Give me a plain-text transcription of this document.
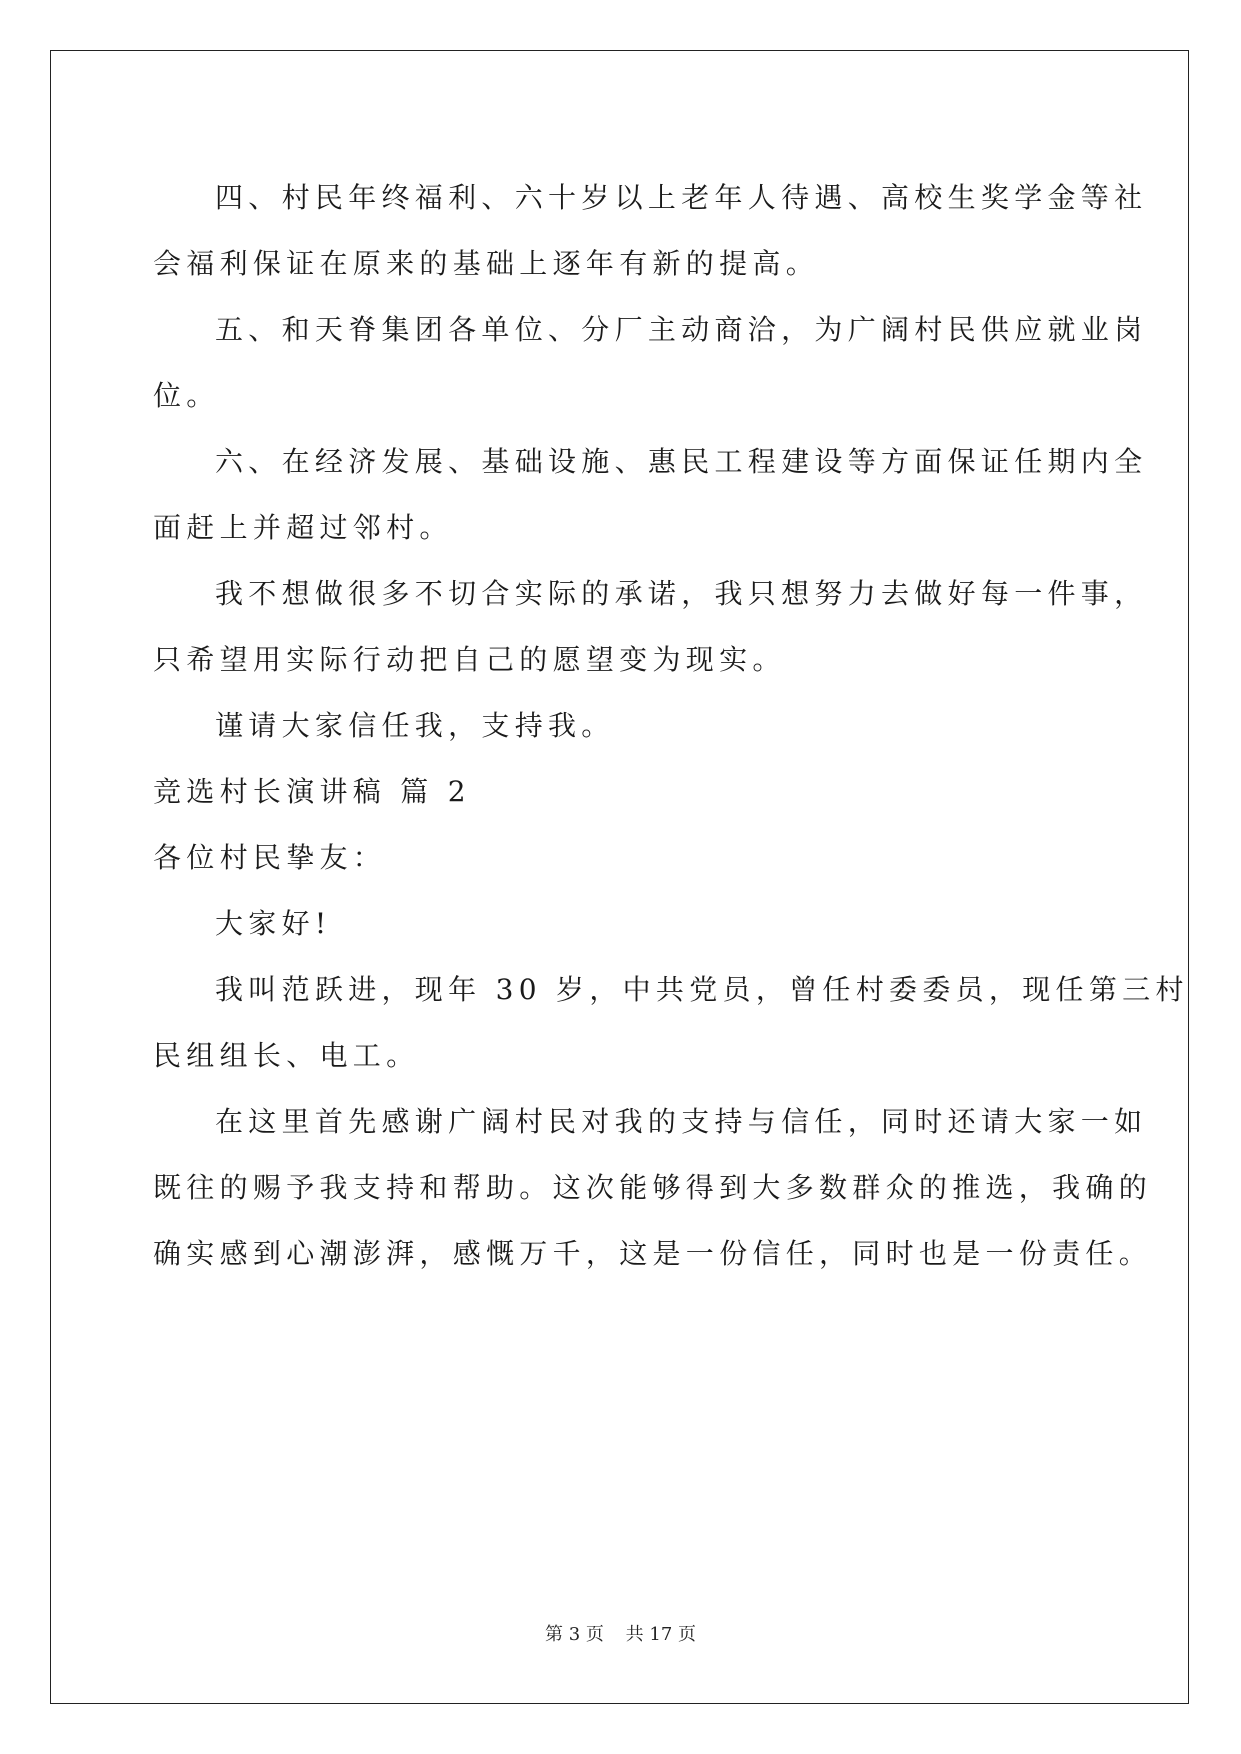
四、村民年终福利、六十岁以上老年人待遇、高校生奖学金等社

会福利保证在原来的基础上逐年有新的提高。

五、和天脊集团各单位、分厂主动商洽，为广阔村民供应就业岗

位。

六、在经济发展、基础设施、惠民工程建设等方面保证任期内全

面赶上并超过邻村。

我不想做很多不切合实际的承诺，我只想努力去做好每一件事，

只希望用实际行动把自己的愿望变为现实。

谨请大家信任我，支持我。

竞选村长演讲稿 篇 2

各位村民挚友：

大家好!

我叫范跃进，现年 30 岁，中共党员，曾任村委委员，现任第三村

民组组长、电工。

在这里首先感谢广阔村民对我的支持与信任，同时还请大家一如

既往的赐予我支持和帮助。这次能够得到大多数群众的推选，我确的

确实感到心潮澎湃，感慨万千，这是一份信任，同时也是一份责任。

第 3 页 共 17 页
